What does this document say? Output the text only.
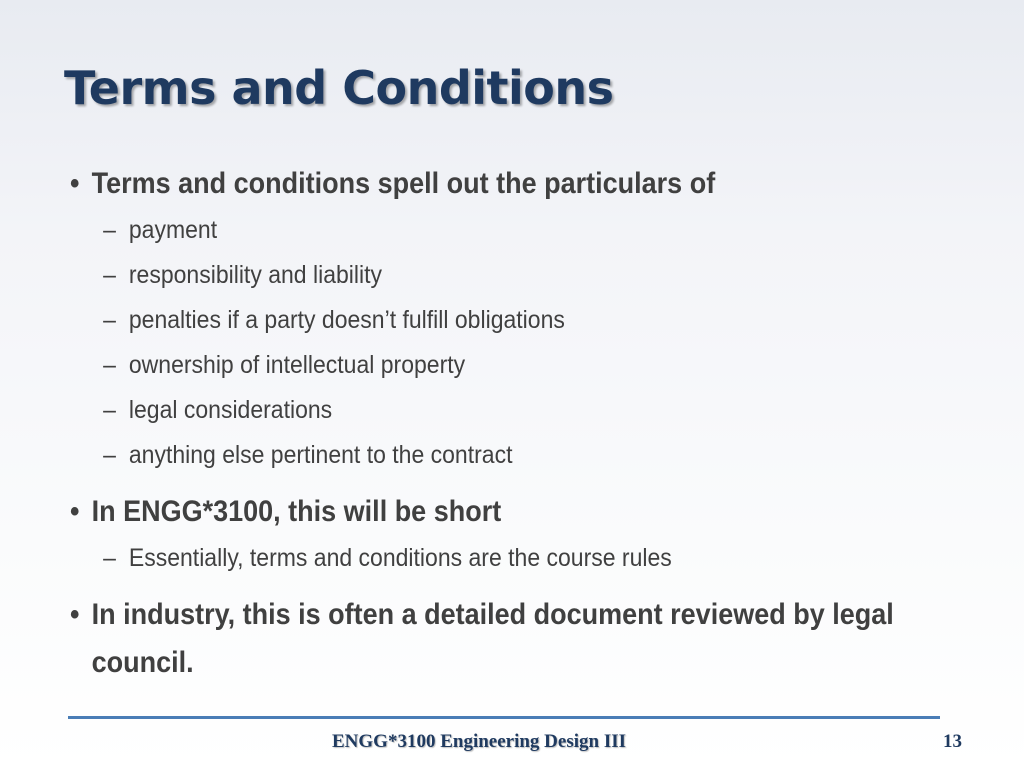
Terms and Conditions
• Terms and conditions spell out the particulars of
– payment
– responsibility and liability
– penalties if a party doesn’t fulfill obligations
– ownership of intellectual property
– legal considerations
– anything else pertinent to the contract
• In ENGG*3100, this will be short
– Essentially, terms and conditions are the course rules
• In industry, this is often a detailed document reviewed by legal council.
ENGG*3100 Engineering Design III	13
